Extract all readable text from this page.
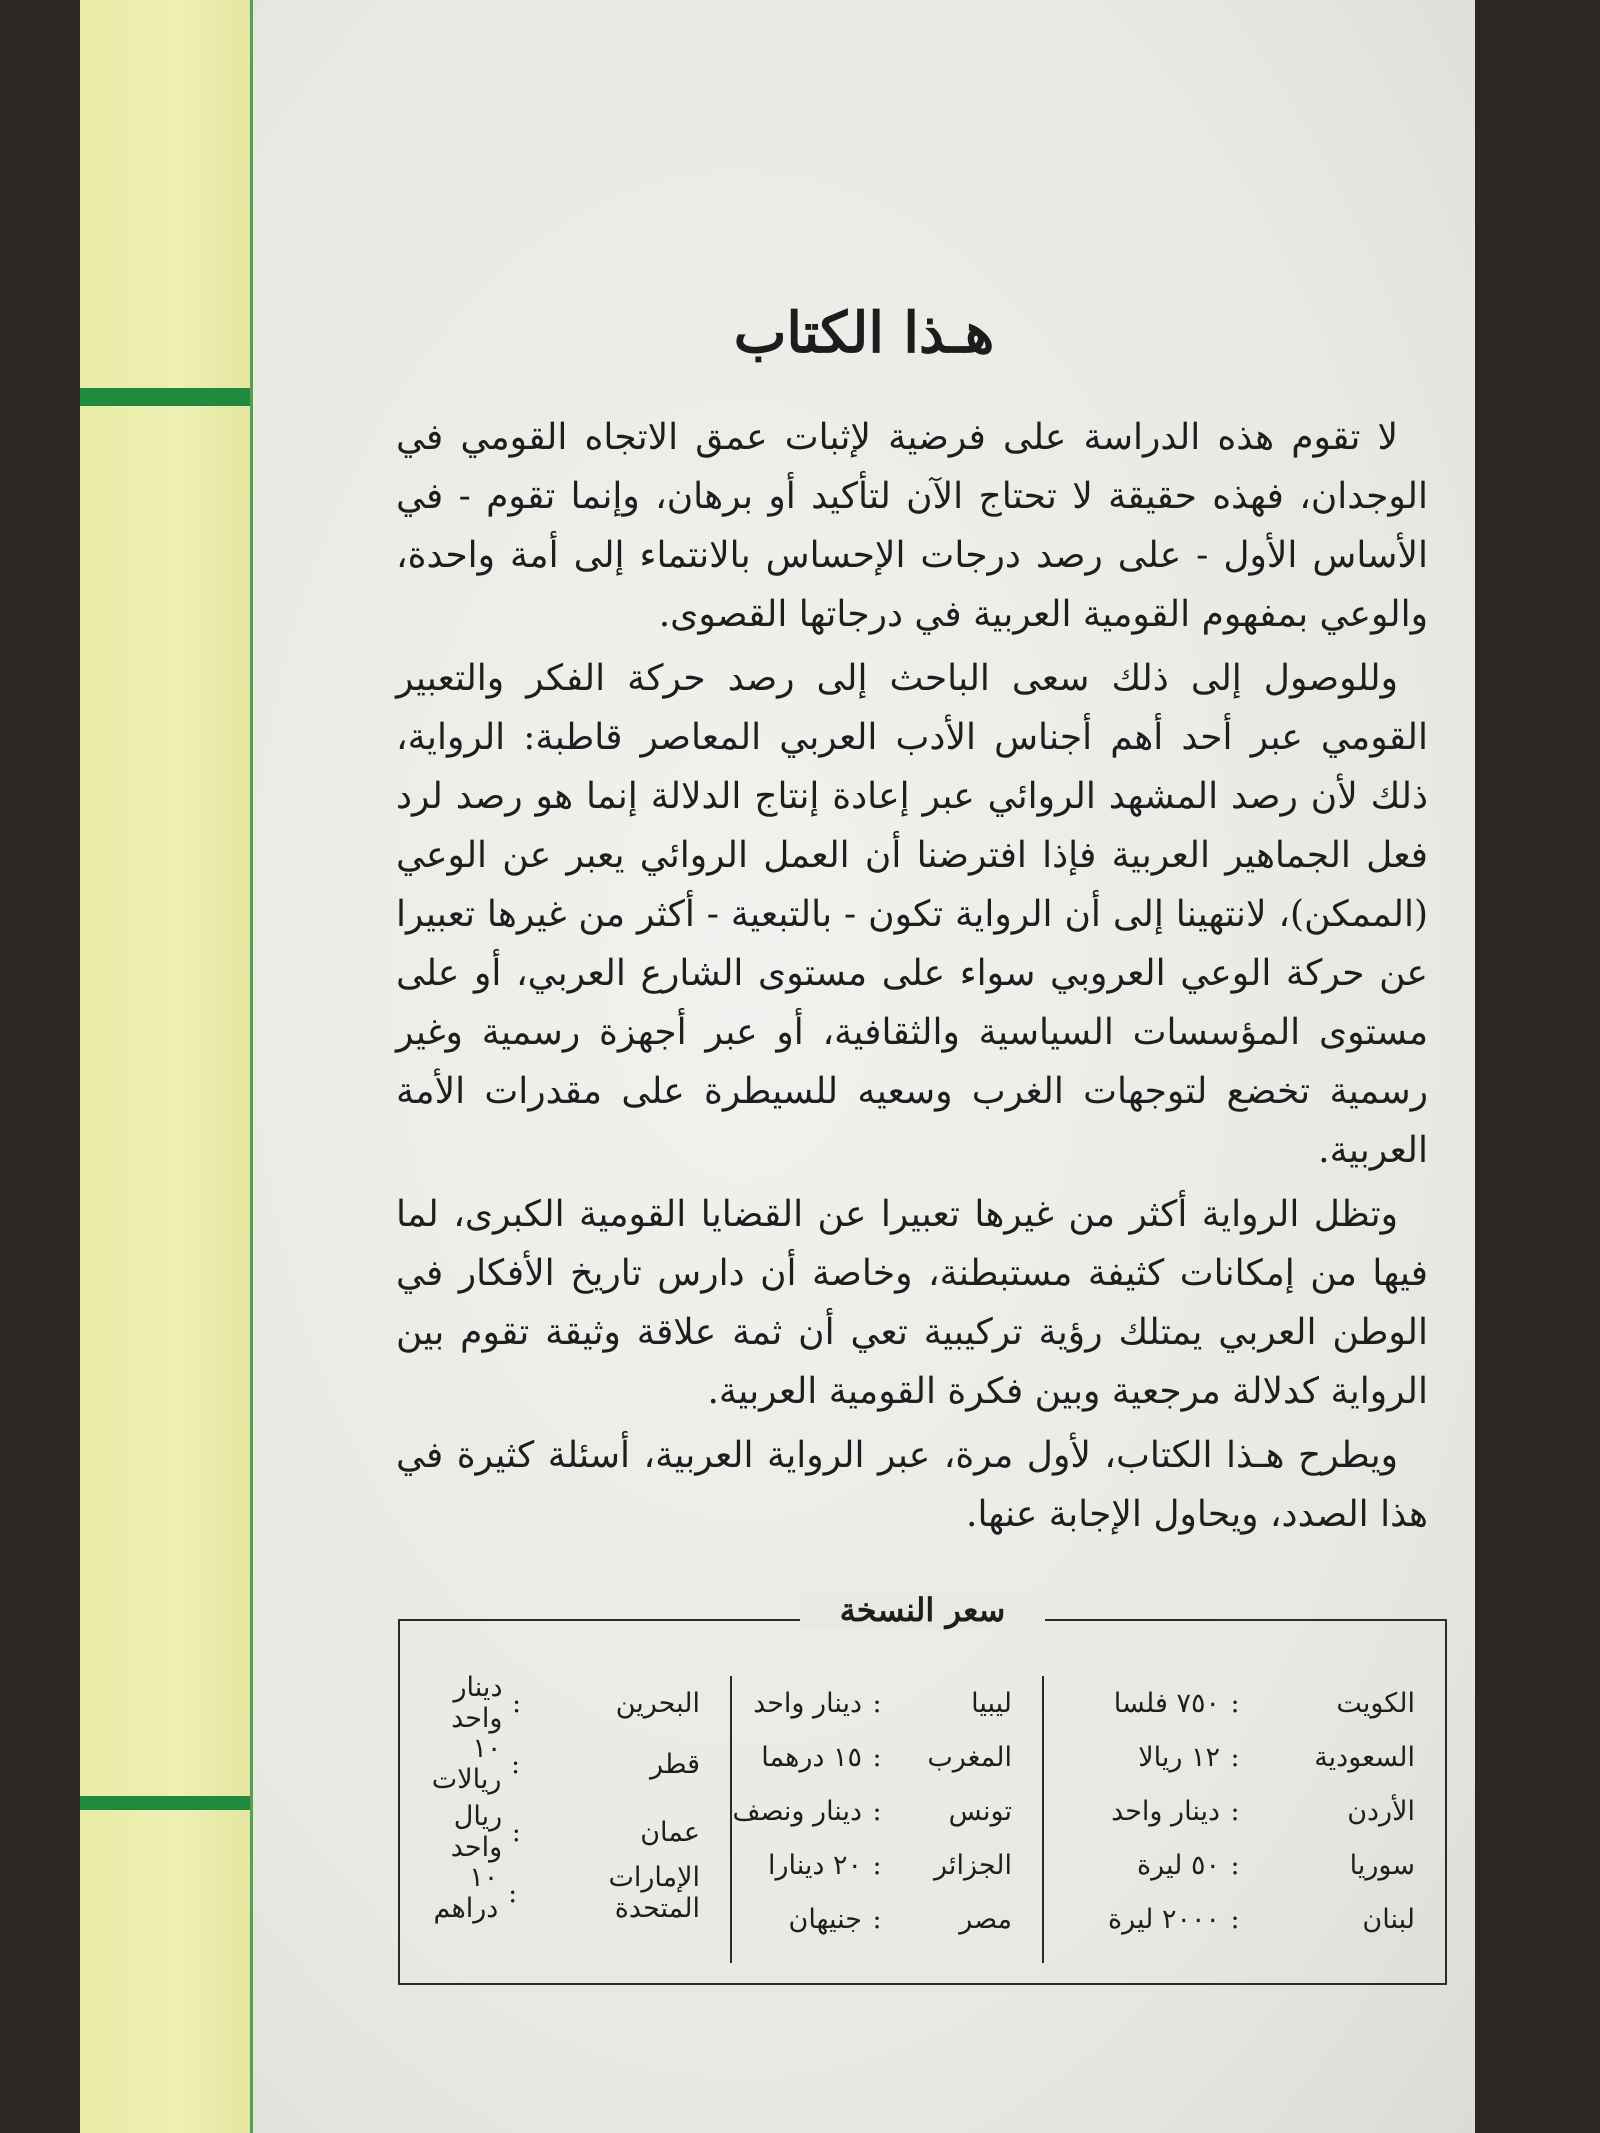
هـذا الكتاب

لا تقوم هذه الدراسة على فرضية لإثبات عمق الاتجاه القومي في الوجدان، فهذه حقيقة لا تحتاج الآن لتأكيد أو برهان، وإنما تقوم - في الأساس الأول - على رصد درجات الإحساس بالانتماء إلى أمة واحدة، والوعي بمفهوم القومية العربية في درجاتها القصوى.

وللوصول إلى ذلك سعى الباحث إلى رصد حركة الفكر والتعبير القومي عبر أحد أهم أجناس الأدب العربي المعاصر قاطبة: الرواية، ذلك لأن رصد المشهد الروائي عبر إعادة إنتاج الدلالة إنما هو رصد لرد فعل الجماهير العربية فإذا افترضنا أن العمل الروائي يعبر عن الوعي (الممكن)، لانتهينا إلى أن الرواية تكون - بالتبعية - أكثر من غيرها تعبيرا عن حركة الوعي العروبي سواء على مستوى الشارع العربي، أو على مستوى المؤسسات السياسية والثقافية، أو عبر أجهزة رسمية وغير رسمية تخضع لتوجهات الغرب وسعيه للسيطرة على مقدرات الأمة العربية.

وتظل الرواية أكثر من غيرها تعبيرا عن القضايا القومية الكبرى، لما فيها من إمكانات كثيفة مستبطنة، وخاصة أن دارس تاريخ الأفكار في الوطن العربي يمتلك رؤية تركيبية تعي أن ثمة علاقة وثيقة تقوم بين الرواية كدلالة مرجعية وبين فكرة القومية العربية.

ويطرح هـذا الكتاب، لأول مرة، عبر الرواية العربية، أسئلة كثيرة في هذا الصدد، ويحاول الإجابة عنها.

سعر النسخة
الكويت
:
٧٥٠ فلسا
السعودية
:
١٢ ريالا
الأردن
:
دينار واحد
سوريا
:
٥٠ ليرة
لبنان
:
٢٠٠٠ ليرة
ليبيا
:
دينار واحد
المغرب
:
١٥ درهما
تونس
:
دينار ونصف
الجزائر
:
٢٠ دينارا
مصر
:
جنيهان
البحرين
:
دينار واحد
قطر
:
١٠ ريالات
عمان
:
ريال واحد
الإمارات المتحدة
:
١٠ دراهم
